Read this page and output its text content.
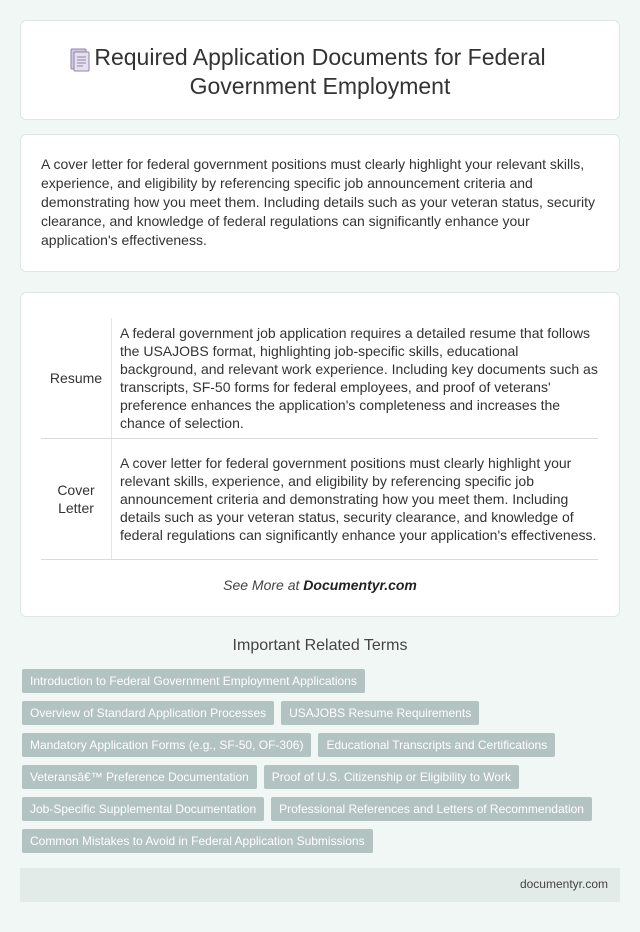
Required Application Documents for Federal
Government Employment

A cover letter for federal government positions must clearly highlight your relevant skills, experience, and eligibility by referencing specific job announcement criteria and demonstrating how you meet them. Including details such as your veteran status, security clearance, and knowledge of federal regulations can significantly enhance your application's effectiveness.

Resume	A federal government job application requires a detailed resume that follows the USAJOBS format, highlighting job-specific skills, educational background, and relevant work experience. Including key documents such as transcripts, SF-50 forms for federal employees, and proof of veterans' preference enhances the application's completeness and increases the chance of selection.
Cover Letter	A cover letter for federal government positions must clearly highlight your relevant skills, experience, and eligibility by referencing specific job announcement criteria and demonstrating how you meet them. Including details such as your veteran status, security clearance, and knowledge of federal regulations can significantly enhance your application's effectiveness.
See More at Documentyr.com
Important Related Terms
Introduction to Federal Government Employment Applications
Overview of Standard Application Processes USAJOBS Resume Requirements
Mandatory Application Forms (e.g., SF-50, OF-306) Educational Transcripts and Certifications
Veteransâ€™ Preference Documentation Proof of U.S. Citizenship or Eligibility to Work
Job-Specific Supplemental Documentation Professional References and Letters of Recommendation
Common Mistakes to Avoid in Federal Application Submissions
documentyr.com
